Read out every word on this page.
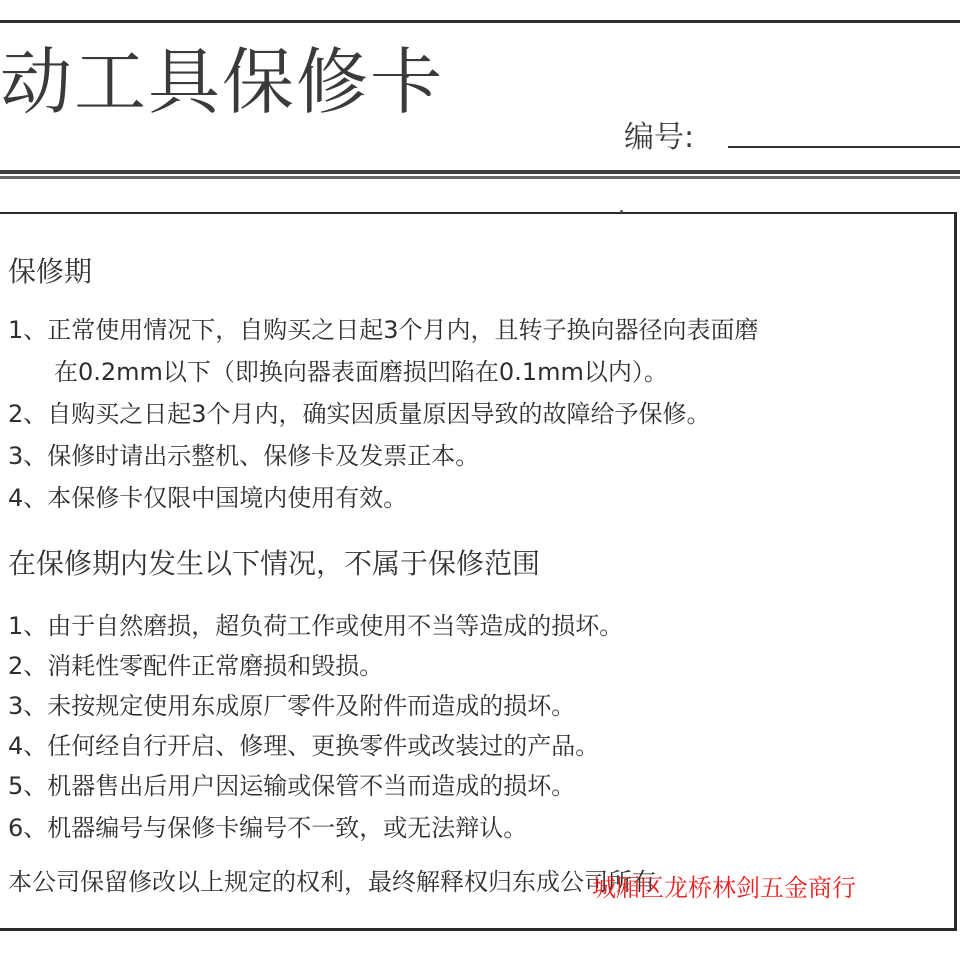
动工具保修卡
编号:
保修期
1、正常使用情况下，自购买之日起3个月内，且转子换向器径向表面磨
在0.2mm以下（即换向器表面磨损凹陷在0.1mm以内）。
2、自购买之日起3个月内，确实因质量原因导致的故障给予保修。
3、保修时请出示整机、保修卡及发票正本。
4、本保修卡仅限中国境内使用有效。
在保修期内发生以下情况，不属于保修范围
1、由于自然磨损，超负荷工作或使用不当等造成的损坏。
2、消耗性零配件正常磨损和毁损。
3、未按规定使用东成原厂零件及附件而造成的损坏。
4、任何经自行开启、修理、更换零件或改装过的产品。
5、机器售出后用户因运输或保管不当而造成的损坏。
6、机器编号与保修卡编号不一致，或无法辩认。
本公司保留修改以上规定的权利，最终解释权归东成公司所有
城厢区龙桥林剑五金商行
